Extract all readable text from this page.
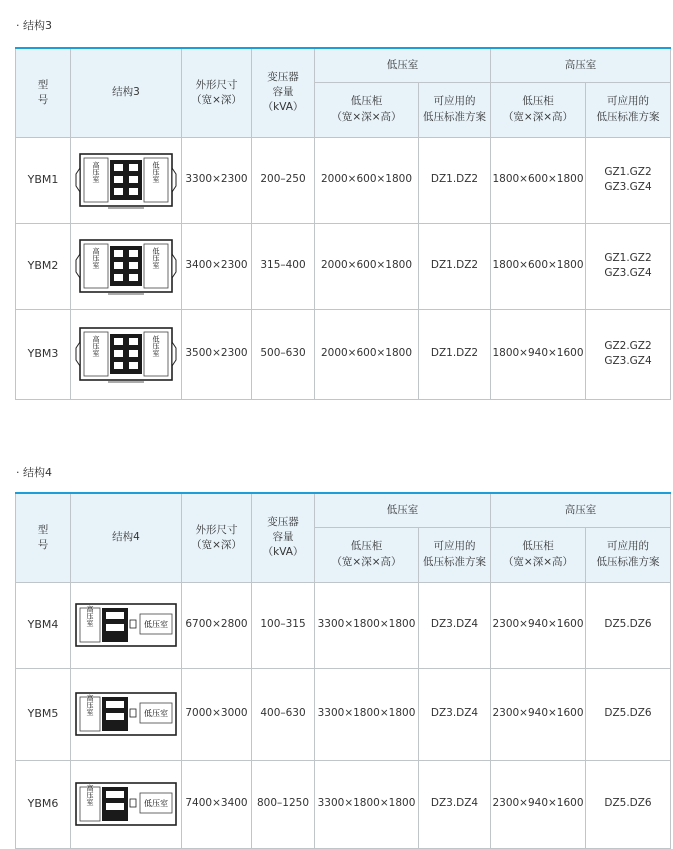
· 结构3
型
号	结构3	外形尺寸
（宽×深）	变压器
容量
（kVA）	低压室		高压室	
				低压柜
（宽×深×高）	可应用的
低压标准方案	低压柜
（宽×深×高）	可应用的
低压标准方案
YBM1	高压室 低压室	3300×2300	200–250	2000×600×1800	DZ1.DZ2	1800×600×1800	GZ1.GZ2
GZ3.GZ4
YBM2	高压室 低压室	3400×2300	315–400	2000×600×1800	DZ1.DZ2	1800×600×1800	GZ1.GZ2
GZ3.GZ4
YBM3	高压室 低压室	3500×2300	500–630	2000×600×1800	DZ1.DZ2	1800×940×1600	GZ2.GZ2
GZ3.GZ4
· 结构4
型
号	结构4	外形尺寸
（宽×深）	变压器
容量
（kVA）	低压室		高压室	
				低压柜
（宽×深×高）	可应用的
低压标准方案	低压柜
（宽×深×高）	可应用的
低压标准方案
YBM4	高压室 低压室	6700×2800	100–315	3300×1800×1800	DZ3.DZ4	2300×940×1600	DZ5.DZ6
YBM5	高压室 低压室	7000×3000	400–630	3300×1800×1800	DZ3.DZ4	2300×940×1600	DZ5.DZ6
YBM6	高压室 低压室	7400×3400	800–1250	3300×1800×1800	DZ3.DZ4	2300×940×1600	DZ5.DZ6
